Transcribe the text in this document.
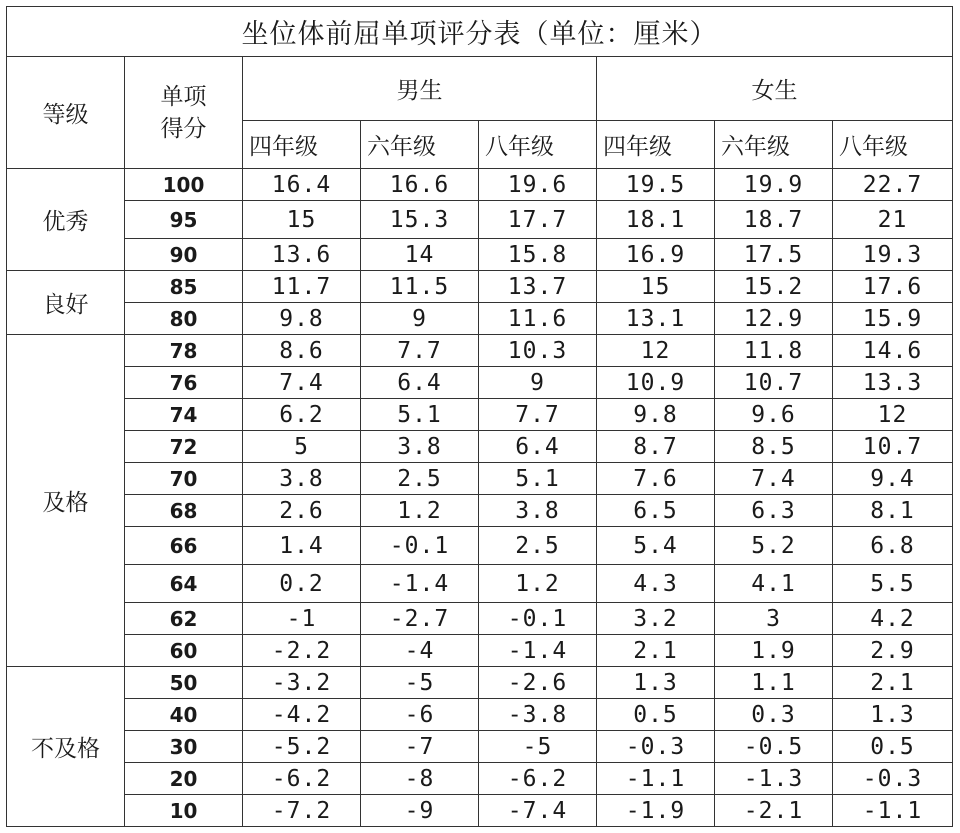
坐位体前屈单项评分表（单位：厘米）							
等级	单项得分	男生			女生		
		四年级	六年级	八年级	四年级	六年级	八年级
优秀	100	16.4	16.6	19.6	19.5	19.9	22.7
	95	15	15.3	17.7	18.1	18.7	21
	90	13.6	14	15.8	16.9	17.5	19.3
良好	85	11.7	11.5	13.7	15	15.2	17.6
	80	9.8	9	11.6	13.1	12.9	15.9
及格	78	8.6	7.7	10.3	12	11.8	14.6
	76	7.4	6.4	9	10.9	10.7	13.3
	74	6.2	5.1	7.7	9.8	9.6	12
	72	5	3.8	6.4	8.7	8.5	10.7
	70	3.8	2.5	5.1	7.6	7.4	9.4
	68	2.6	1.2	3.8	6.5	6.3	8.1
	66	1.4	-0.1	2.5	5.4	5.2	6.8
	64	0.2	-1.4	1.2	4.3	4.1	5.5
	62	-1	-2.7	-0.1	3.2	3	4.2
	60	-2.2	-4	-1.4	2.1	1.9	2.9
不及格	50	-3.2	-5	-2.6	1.3	1.1	2.1
	40	-4.2	-6	-3.8	0.5	0.3	1.3
	30	-5.2	-7	-5	-0.3	-0.5	0.5
	20	-6.2	-8	-6.2	-1.1	-1.3	-0.3
	10	-7.2	-9	-7.4	-1.9	-2.1	-1.1
